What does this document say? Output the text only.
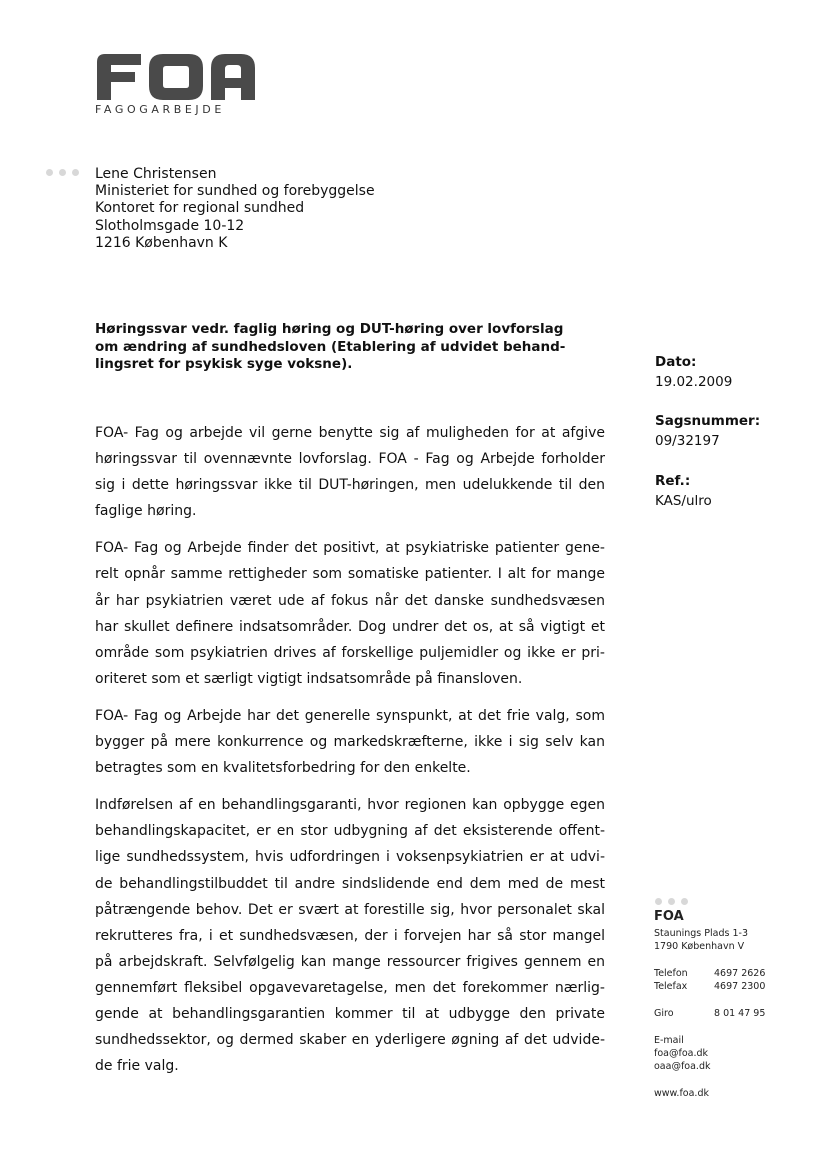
FAGOGARBEJDE
Lene Christensen
Ministeriet for sundhed og forebyggelse
Kontoret for regional sundhed
Slotholmsgade 10-12
1216 København K
Høringssvar vedr. faglig høring og DUT-høring over lovforslag
om ændring af sundhedsloven (Etablering af udvidet behand-
lingsret for psykisk syge voksne).	Dato:
19.02.2009
Sagsnummer:
09/32197
Ref.:
KAS/ulro
FOA- Fag og arbejde vil gerne benytte sig af muligheden for at afgive
høringssvar til ovennævnte lovforslag. FOA - Fag og Arbejde forholder
sig i dette høringssvar ikke til DUT-høringen, men udelukkende til den
faglige høring.
FOA- Fag og Arbejde finder det positivt, at psykiatriske patienter gene-
relt opnår samme rettigheder som somatiske patienter. I alt for mange
år har psykiatrien været ude af fokus når det danske sundhedsvæsen
har skullet definere indsatsområder. Dog undrer det os, at så vigtigt et
område som psykiatrien drives af forskellige puljemidler og ikke er pri-
oriteret som et særligt vigtigt indsatsområde på finansloven.
FOA- Fag og Arbejde har det generelle synspunkt, at det frie valg, som
bygger på mere konkurrence og markedskræfterne, ikke i sig selv kan
betragtes som en kvalitetsforbedring for den enkelte.
Indførelsen af en behandlingsgaranti, hvor regionen kan opbygge egen
behandlingskapacitet, er en stor udbygning af det eksisterende offent-
lige sundhedssystem, hvis udfordringen i voksenpsykiatrien er at udvi-
de behandlingstilbuddet til andre sindslidende end dem med de mest
påtrængende behov. Det er svært at forestille sig, hvor personalet skal
rekrutteres fra, i et sundhedsvæsen, der i forvejen har så stor mangel
på arbejdskraft. Selvfølgelig kan mange ressourcer frigives gennem en
gennemført fleksibel opgavevaretagelse, men det forekommer nærlig-
gende at behandlingsgarantien kommer til at udbygge den private
sundhedssektor, og dermed skaber en yderligere øgning af det udvide-
de frie valg.
FOA
Staunings Plads 1-3
1790 København V
Telefon	4697 2626
Telefax	4697 2300
Giro	8 01 47 95
E-mail
foa@foa.dk
oaa@foa.dk
www.foa.dk
